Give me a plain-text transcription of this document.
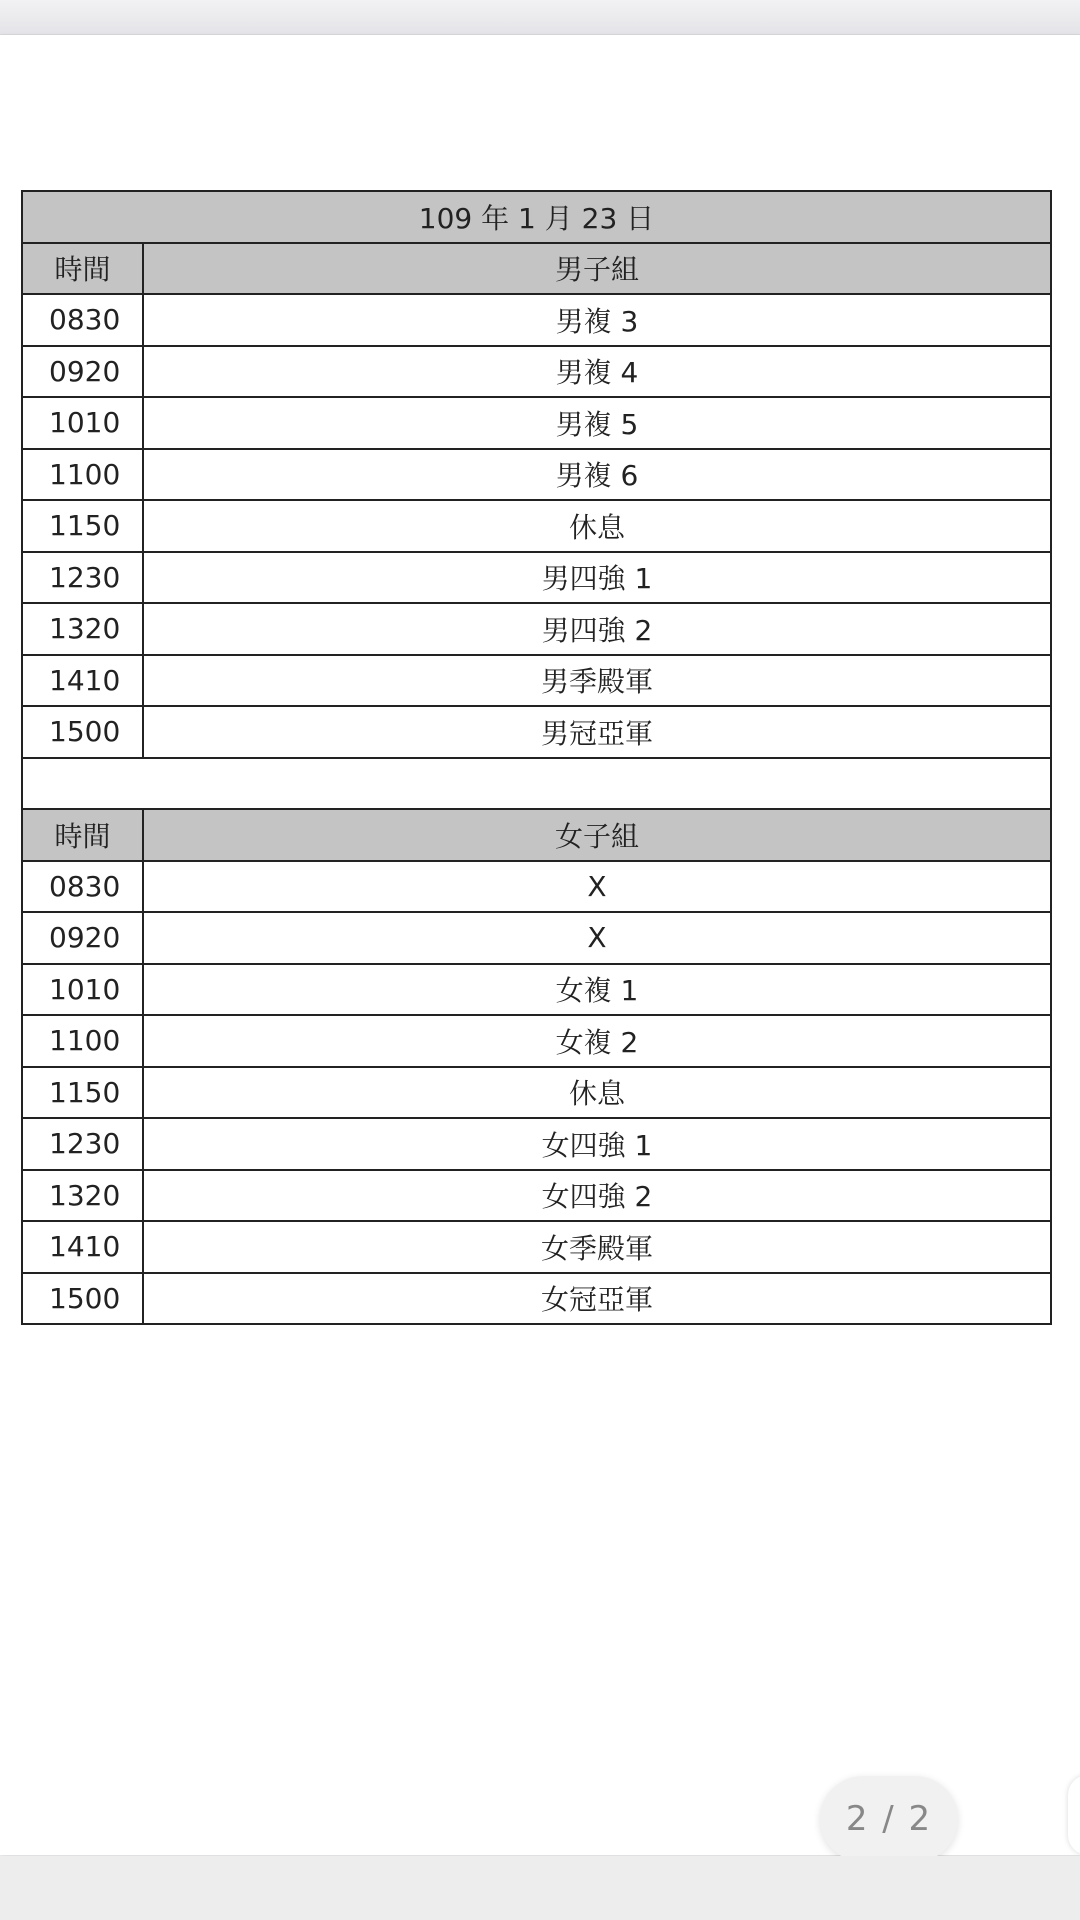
109 年 1 月 23 日	
時間	男子組
0830	男複 3
0920	男複 4
1010	男複 5
1100	男複 6
1150	休息
1230	男四強 1
1320	男四強 2
1410	男季殿軍
1500	男冠亞軍

時間	女子組
0830	X
0920	X
1010	女複 1
1100	女複 2
1150	休息
1230	女四強 1
1320	女四強 2
1410	女季殿軍
1500	女冠亞軍
2 / 2
